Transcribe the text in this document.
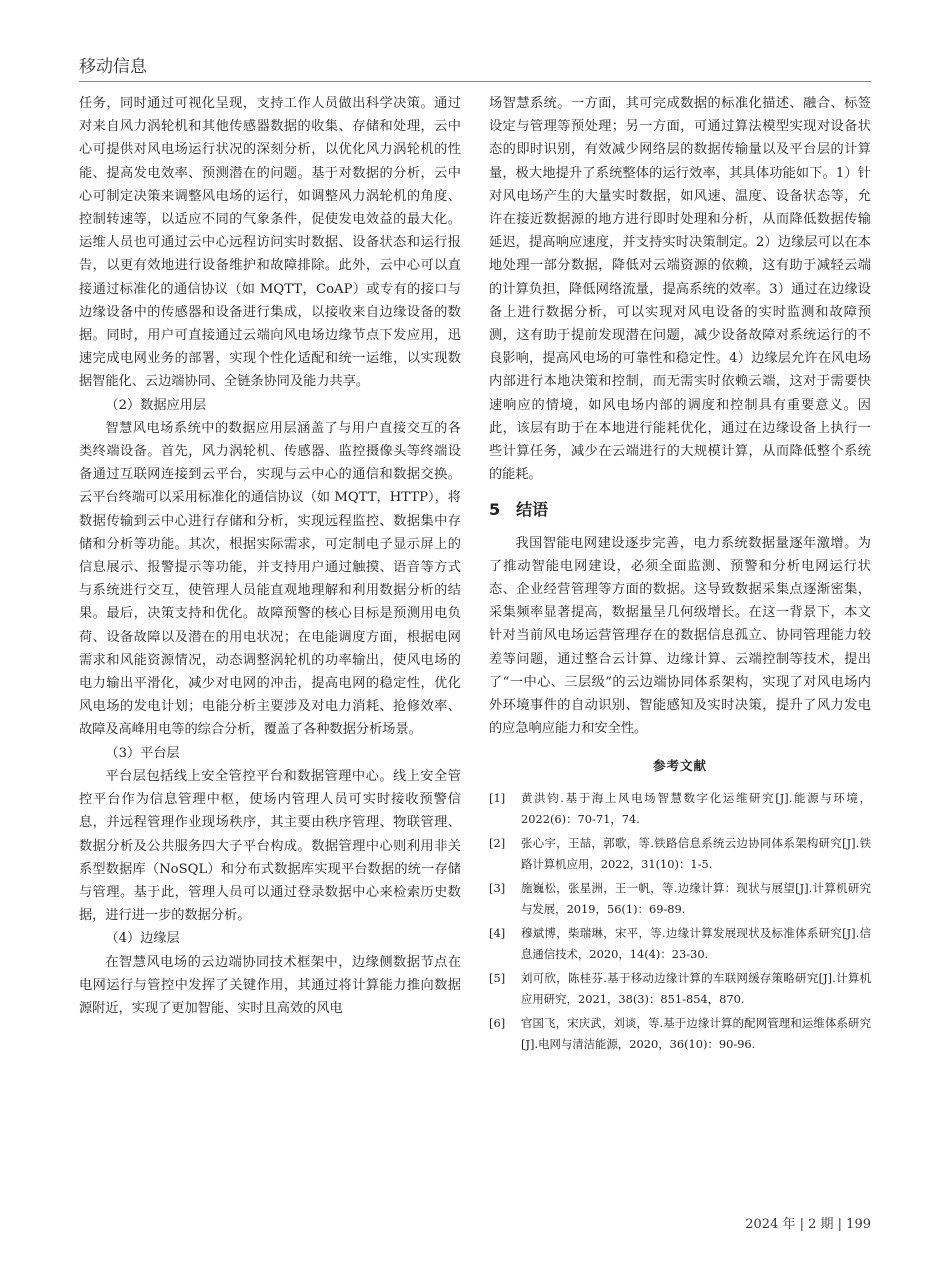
移动信息

任务，同时通过可视化呈现，支持工作人员做出科学决策。通过对来自风力涡轮机和其他传感器数据的收集、存储和处理，云中心可提供对风电场运行状况的深刻分析，以优化风力涡轮机的性能、提高发电效率、预测潜在的问题。基于对数据的分析，云中心可制定决策来调整风电场的运行，如调整风力涡轮机的角度、控制转速等，以适应不同的气象条件，促使发电效益的最大化。运维人员也可通过云中心远程访问实时数据、设备状态和运行报告，以更有效地进行设备维护和故障排除。此外，云中心可以直接通过标准化的通信协议（如 MQTT，CoAP）或专有的接口与边缘设备中的传感器和设备进行集成，以接收来自边缘设备的数据。同时，用户可直接通过云端向风电场边缘节点下发应用，迅速完成电网业务的部署，实现个性化适配和统一运维，以实现数据智能化、云边端协同、全链条协同及能力共享。

（2）数据应用层

智慧风电场系统中的数据应用层涵盖了与用户直接交互的各类终端设备。首先，风力涡轮机、传感器、监控摄像头等终端设备通过互联网连接到云平台，实现与云中心的通信和数据交换。云平台终端可以采用标准化的通信协议（如 MQTT，HTTP），将数据传输到云中心进行存储和分析，实现远程监控、数据集中存储和分析等功能。其次，根据实际需求，可定制电子显示屏上的信息展示、报警提示等功能，并支持用户通过触摸、语音等方式与系统进行交互，使管理人员能直观地理解和利用数据分析的结果。最后，决策支持和优化。故障预警的核心目标是预测用电负荷、设备故障以及潜在的用电状况；在电能调度方面，根据电网需求和风能资源情况，动态调整涡轮机的功率输出，使风电场的电力输出平滑化，减少对电网的冲击，提高电网的稳定性，优化风电场的发电计划；电能分析主要涉及对电力消耗、抢修效率、故障及高峰用电等的综合分析，覆盖了各种数据分析场景。

（3）平台层

平台层包括线上安全管控平台和数据管理中心。线上安全管控平台作为信息管理中枢，使场内管理人员可实时接收预警信息，并远程管理作业现场秩序，其主要由秩序管理、物联管理、数据分析及公共服务四大子平台构成。数据管理中心则利用非关系型数据库（NoSQL）和分布式数据库实现平台数据的统一存储与管理。基于此，管理人员可以通过登录数据中心来检索历史数据，进行进一步的数据分析。

（4）边缘层

在智慧风电场的云边端协同技术框架中，边缘侧数据节点在电网运行与管控中发挥了关键作用，其通过将计算能力推向数据源附近，实现了更加智能、实时且高效的风电

场智慧系统。一方面，其可完成数据的标准化描述、融合、标签设定与管理等预处理；另一方面，可通过算法模型实现对设备状态的即时识别，有效减少网络层的数据传输量以及平台层的计算量，极大地提升了系统整体的运行效率，其具体功能如下。1）针对风电场产生的大量实时数据，如风速、温度、设备状态等，允许在接近数据源的地方进行即时处理和分析，从而降低数据传输延迟，提高响应速度，并支持实时决策制定。2）边缘层可以在本地处理一部分数据，降低对云端资源的依赖，这有助于减轻云端的计算负担，降低网络流量，提高系统的效率。3）通过在边缘设备上进行数据分析，可以实现对风电设备的实时监测和故障预测，这有助于提前发现潜在问题，减少设备故障对系统运行的不良影响，提高风电场的可靠性和稳定性。4）边缘层允许在风电场内部进行本地决策和控制，而无需实时依赖云端，这对于需要快速响应的情境，如风电场内部的调度和控制具有重要意义。因此，该层有助于在本地进行能耗优化，通过在边缘设备上执行一些计算任务，减少在云端进行的大规模计算，从而降低整个系统的能耗。

5 结语

我国智能电网建设逐步完善，电力系统数据量逐年激增。为了推动智能电网建设，必须全面监测、预警和分析电网运行状态、企业经营管理等方面的数据。这导致数据采集点逐渐密集，采集频率显著提高，数据量呈几何级增长。在这一背景下，本文针对当前风电场运营管理存在的数据信息孤立、协同管理能力较差等问题，通过整合云计算、边缘计算、云端控制等技术，提出了“一中心、三层级”的云边端协同体系架构，实现了对风电场内外环境事件的自动识别、智能感知及实时决策，提升了风力发电的应急响应能力和安全性。

参考文献
[1]	黄洪钧.基于海上风电场智慧数字化运维研究[J].能源与环境，2022(6)：70-71，74.
[2]	张心宇，王喆，郭歌，等.铁路信息系统云边协同体系架构研究[J].铁路计算机应用，2022，31(10)：1-5.
[3]	施巍松，张星洲，王一帆，等.边缘计算：现状与展望[J].计算机研究与发展，2019，56(1)：69-89.
[4]	穆斌博，柴瑞琳，宋平，等.边缘计算发展现状及标准体系研究[J].信息通信技术，2020，14(4)：23-30.
[5]	刘可欣，陈桂芬.基于移动边缘计算的车联网缓存策略研究[J].计算机应用研究，2021，38(3)：851-854，870.
[6]	官国飞，宋庆武，刘谈，等.基于边缘计算的配网管理和运维体系研究[J].电网与清洁能源，2020，36(10)：90-96.
2024 年 | 2 期 | 199
